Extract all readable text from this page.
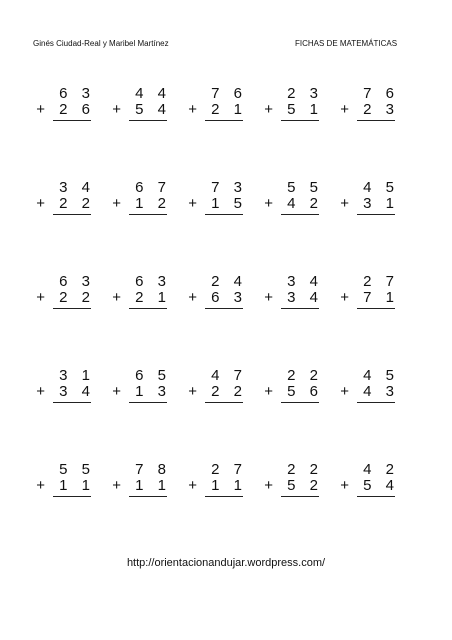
Ginés Ciudad-Real y Maribel Martínez	FICHAS DE MATEMÁTICAS
6 3
+ 2 6
4 4
+ 5 4
7 6
+ 2 1
2 3
+ 5 1
7 6
+ 2 3
3 4
+ 2 2
6 7
+ 1 2
7 3
+ 1 5
5 5
+ 4 2
4 5
+ 3 1
6 3
+ 2 2
6 3
+ 2 1
2 4
+ 6 3
3 4
+ 3 4
2 7
+ 7 1
3 1
+ 3 4
6 5
+ 1 3
4 7
+ 2 2
2 2
+ 5 6
4 5
+ 4 3
5 5
+ 1 1
7 8
+ 1 1
2 7
+ 1 1
2 2
+ 5 2
4 2
+ 5 4
http://orientacionandujar.wordpress.com/
